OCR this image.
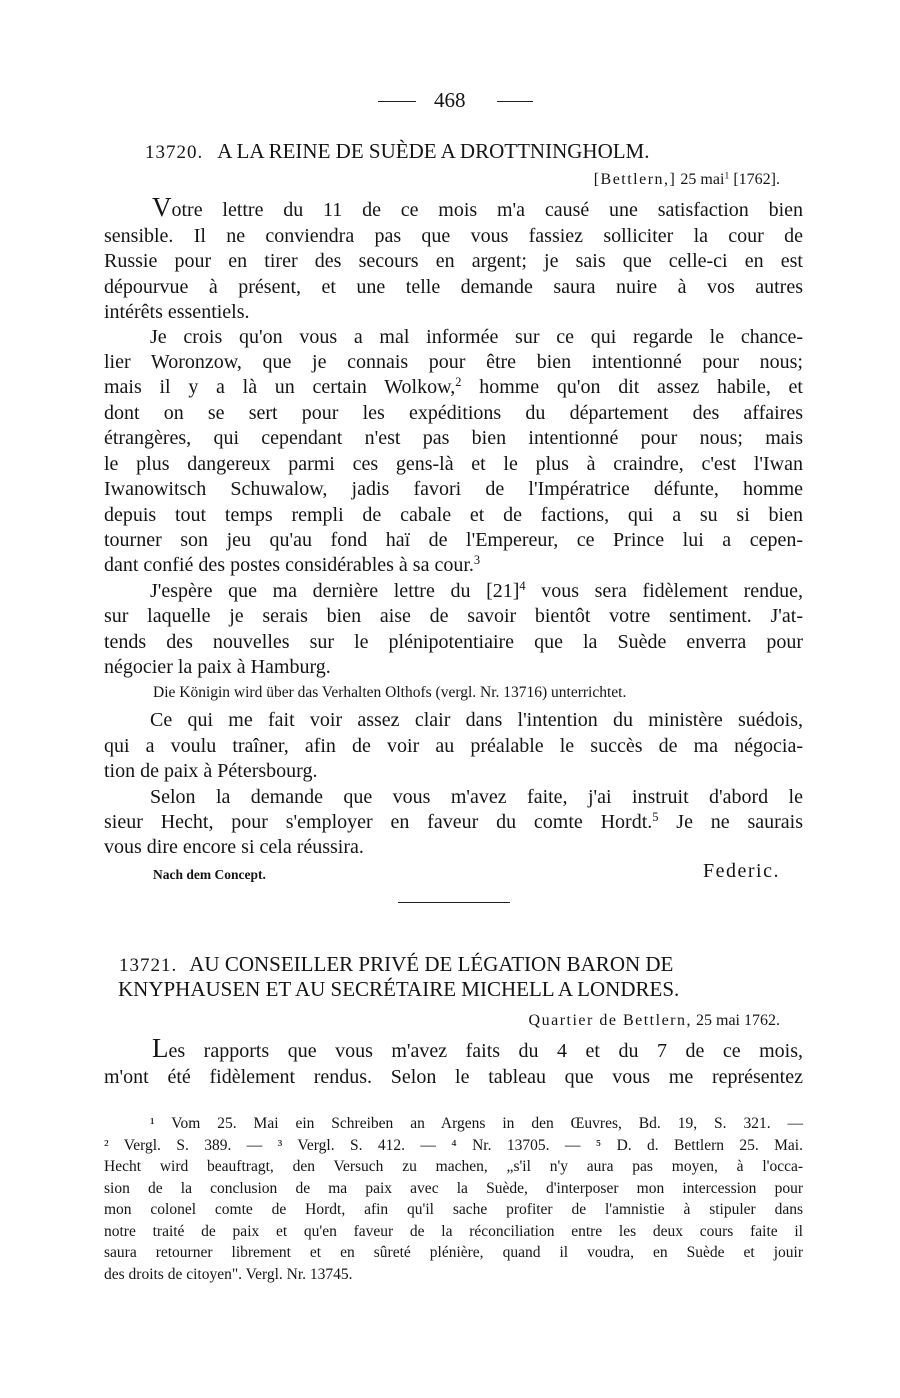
468
13720. A LA REINE DE SUÈDE A DROTTNINGHOLM.
[Bettlern,] 25 mai$^1$ [1762].
Votre lettre du 11 de ce mois m'a causé une satisfaction bien
sensible. Il ne conviendra pas que vous fassiez solliciter la cour de
Russie pour en tirer des secours en argent; je sais que celle-ci en est
dépourvue à présent, et une telle demande saura nuire à vos autres
intérêts essentiels.
Je crois qu'on vous a mal informée sur ce qui regarde le chance-
lier Woronzow, que je connais pour être bien intentionné pour nous;
mais il y a là un certain Wolkow,$^2$ homme qu'on dit assez habile, et
dont on se sert pour les expéditions du département des affaires
étrangères, qui cependant n'est pas bien intentionné pour nous; mais
le plus dangereux parmi ces gens-là et le plus à craindre, c'est l'Iwan
Iwanowitsch Schuwalow, jadis favori de l'Impératrice défunte, homme
depuis tout temps rempli de cabale et de factions, qui a su si bien
tourner son jeu qu'au fond haï de l'Empereur, ce Prince lui a cepen-
dant confié des postes considérables à sa cour.$^3$
J'espère que ma dernière lettre du $[21]^4$ vous sera fidèlement rendue,
sur laquelle je serais bien aise de savoir bientôt votre sentiment. J'at-
tends des nouvelles sur le plénipotentiaire que la Suède enverra pour
négocier la paix à Hamburg.
Die Königin wird über das Verhalten Olthofs (vergl. Nr. 13716) unterrichtet.
Ce qui me fait voir assez clair dans l'intention du ministère suédois,
qui a voulu traîner, afin de voir au préalable le succès de ma négocia-
tion de paix à Pétersbourg.
Selon la demande que vous m'avez faite, j'ai instruit d'abord le
sieur Hecht, pour s'employer en faveur du comte Hordt.$^5$ Je ne saurais
vous dire encore si cela réussira.
Nach dem Concept.	Federic.
13721. AU CONSEILLER PRIVÉ DE LÉGATION BARON DE
KNYPHAUSEN ET AU SECRÉTAIRE MICHELL A LONDRES.
Quartier de Bettlern, 25 mai 1762.
Les rapports que vous m'avez faits du 4 et du 7 de ce mois,
m'ont été fidèlement rendus. Selon le tableau que vous me représentez
¹ Vom 25. Mai ein Schreiben an Argens in den Œuvres, Bd. 19, S. 321. —
² Vergl. S. 389. — ³ Vergl. S. 412. — ⁴ Nr. 13705. — ⁵ D. d. Bettlern 25. Mai.
Hecht wird beauftragt, den Versuch zu machen, „s'il n'y aura pas moyen, à l'occa-
sion de la conclusion de ma paix avec la Suède, d'interposer mon intercession pour
mon colonel comte de Hordt, afin qu'il sache profiter de l'amnistie à stipuler dans
notre traité de paix et qu'en faveur de la réconciliation entre les deux cours faite il
saura retourner librement et en sûreté plénière, quand il voudra, en Suède et jouir
des droits de citoyen". Vergl. Nr. 13745.
